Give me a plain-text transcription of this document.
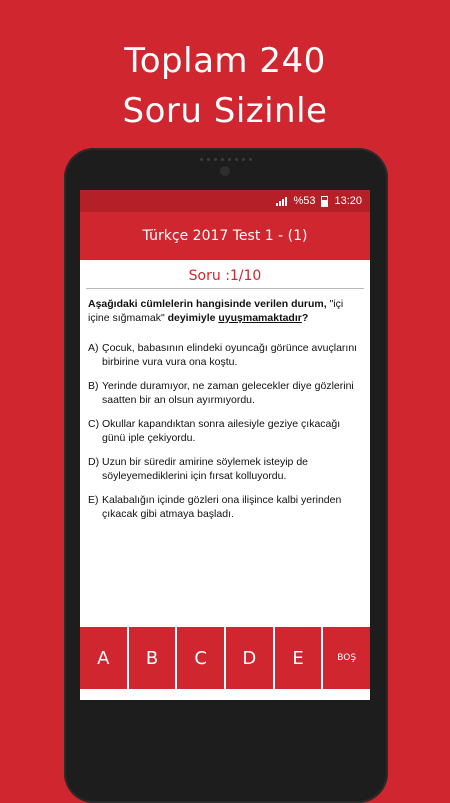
Toplam 240
Soru Sizinle
%53 13:20
Türkçe 2017 Test 1 - (1)
Soru :1/10
Aşağıdaki cümlelerin hangisinde verilen durum, "içi içine sığmamak" deyimiyle uyuşmamaktadır?
A) Çocuk, babasının elindeki oyuncağı görünce avuçlarını birbirine vura vura ona koştu.
B) Yerinde duramıyor, ne zaman gelecekler diye gözlerini saatten bir an olsun ayırmıyordu.
C) Okullar kapandıktan sonra ailesiyle geziye çıkacağı günü iple çekiyordu.
D) Uzun bir süredir amirine söylemek isteyip de söyleyemediklerini için fırsat kolluyordu.
E) Kalabalığın içinde gözleri ona ilişince kalbi yerinden çıkacak gibi atmaya başladı.
A	B	C	D	E	BOŞ
